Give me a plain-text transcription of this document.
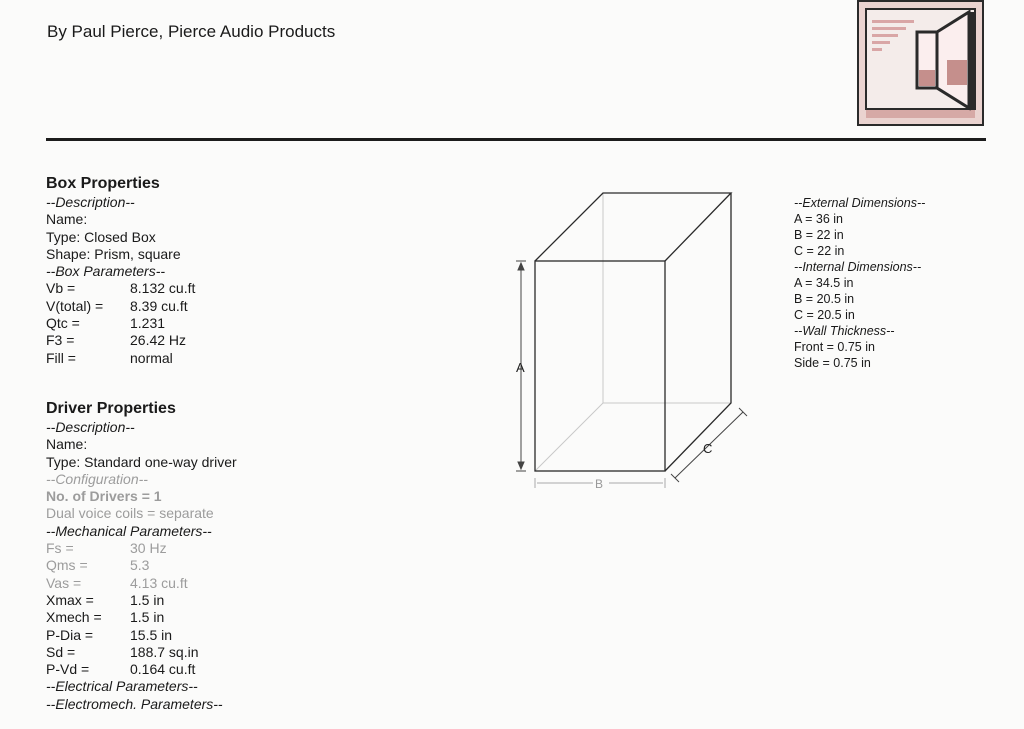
By Paul Pierce, Pierce Audio Products
Box Properties
--Description--
Name:
Type: Closed Box
Shape: Prism, square
--Box Parameters--
Vb =	8.132 cu.ft
V(total) =	8.39 cu.ft
Qtc =	1.231
F3 =	26.42 Hz
Fill =	normal
Driver Properties
--Description--
Name:
Type: Standard one-way driver
--Configuration--
No. of Drivers = 1
Dual voice coils = separate
--Mechanical Parameters--
Fs =	30 Hz
Qms =	5.3
Vas =	4.13 cu.ft
Xmax =	1.5 in
Xmech =	1.5 in
P-Dia =	15.5 in
Sd =	188.7 sq.in
P-Vd =	0.164 cu.ft
--Electrical Parameters--
--Electromech. Parameters--
A
B
C
--External Dimensions--
A = 36 in
B = 22 in
C = 22 in
--Internal Dimensions--
A = 34.5 in
B = 20.5 in
C = 20.5 in
--Wall Thickness--
Front = 0.75 in
Side = 0.75 in
